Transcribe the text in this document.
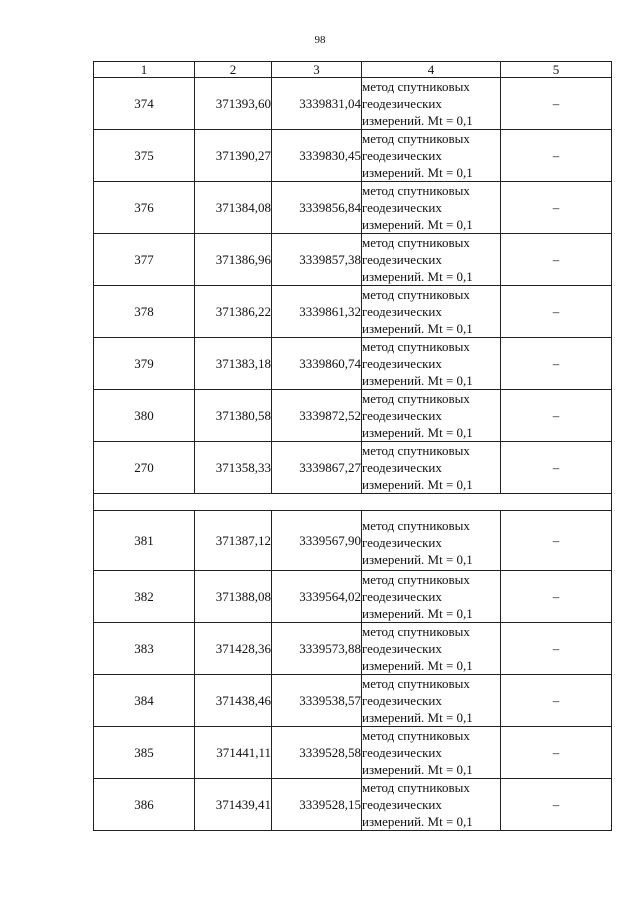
98
1	2	3	4	5
374	371393,60	3339831,04	метод спутниковых
геодезических
измерений. Mt = 0,1	–
375	371390,27	3339830,45	метод спутниковых
геодезических
измерений. Mt = 0,1	–
376	371384,08	3339856,84	метод спутниковых
геодезических
измерений. Mt = 0,1	–
377	371386,96	3339857,38	метод спутниковых
геодезических
измерений. Mt = 0,1	–
378	371386,22	3339861,32	метод спутниковых
геодезических
измерений. Mt = 0,1	–
379	371383,18	3339860,74	метод спутниковых
геодезических
измерений. Mt = 0,1	–
380	371380,58	3339872,52	метод спутниковых
геодезических
измерений. Mt = 0,1	–
270	371358,33	3339867,27	метод спутниковых
геодезических
измерений. Mt = 0,1	–

381	371387,12	3339567,90	метод спутниковых
геодезических
измерений. Mt = 0,1	–
382	371388,08	3339564,02	метод спутниковых
геодезических
измерений. Mt = 0,1	–
383	371428,36	3339573,88	метод спутниковых
геодезических
измерений. Mt = 0,1	–
384	371438,46	3339538,57	метод спутниковых
геодезических
измерений. Mt = 0,1	–
385	371441,11	3339528,58	метод спутниковых
геодезических
измерений. Mt = 0,1	–
386	371439,41	3339528,15	метод спутниковых
геодезических
измерений. Mt = 0,1	–
